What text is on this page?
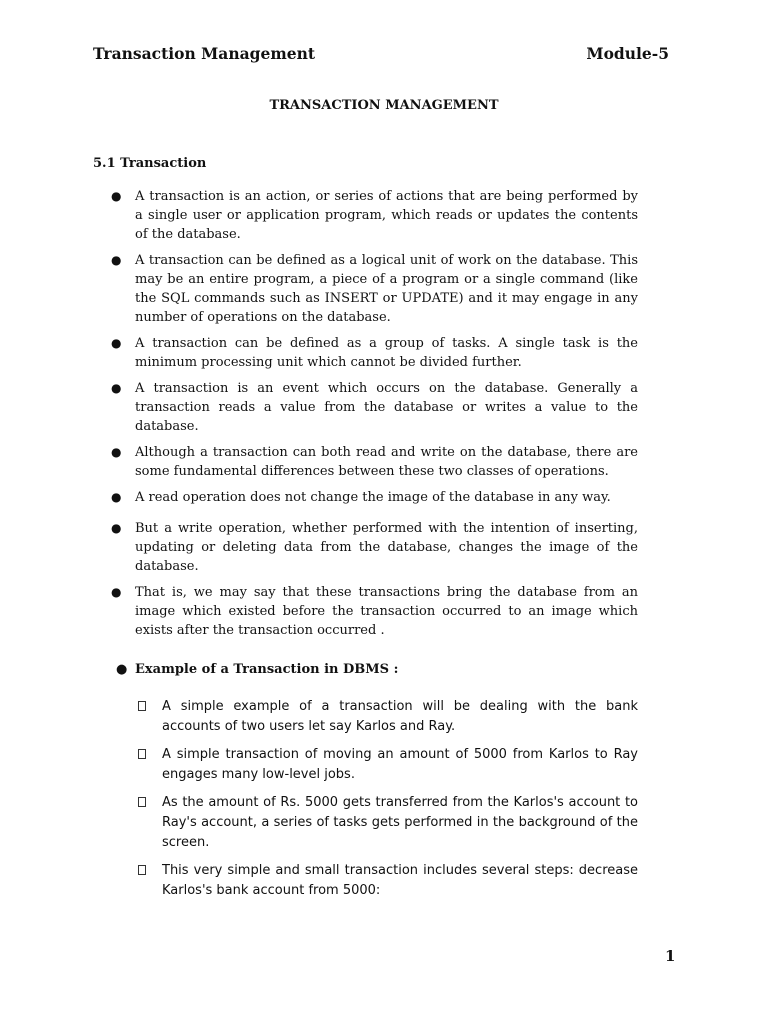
Transaction Management	Module-5
TRANSACTION MANAGEMENT
5.1 Transaction
● A transaction is an action, or series of actions that are being performed by a single user or application program, which reads or updates the contents of the database.
● A transaction can be defined as a logical unit of work on the database. This may be an entire program, a piece of a program or a single command (like the SQL commands such as INSERT or UPDATE) and it may engage in any number of operations on the database.
● A transaction can be defined as a group of tasks. A single task is the minimum processing unit which cannot be divided further.
● A transaction is an event which occurs on the database. Generally a transaction reads a value from the database or writes a value to the database.
● Although a transaction can both read and write on the database, there are some fundamental differences between these two classes of operations.
● A read operation does not change the image of the database in any way.
● But a write operation, whether performed with the intention of inserting, updating or deleting data from the database, changes the image of the database.
● That is, we may say that these transactions bring the database from an image which existed before the transaction occurred to an image which exists after the transaction occurred .
● Example of a Transaction in DBMS :
A simple example of a transaction will be dealing with the bank accounts of two users let say Karlos and Ray.
A simple transaction of moving an amount of 5000 from Karlos to Ray engages many low-level jobs.
As the amount of Rs. 5000 gets transferred from the Karlos's account to Ray's account, a series of tasks gets performed in the background of the screen.
This very simple and small transaction includes several steps: decrease Karlos's bank account from 5000:
1
